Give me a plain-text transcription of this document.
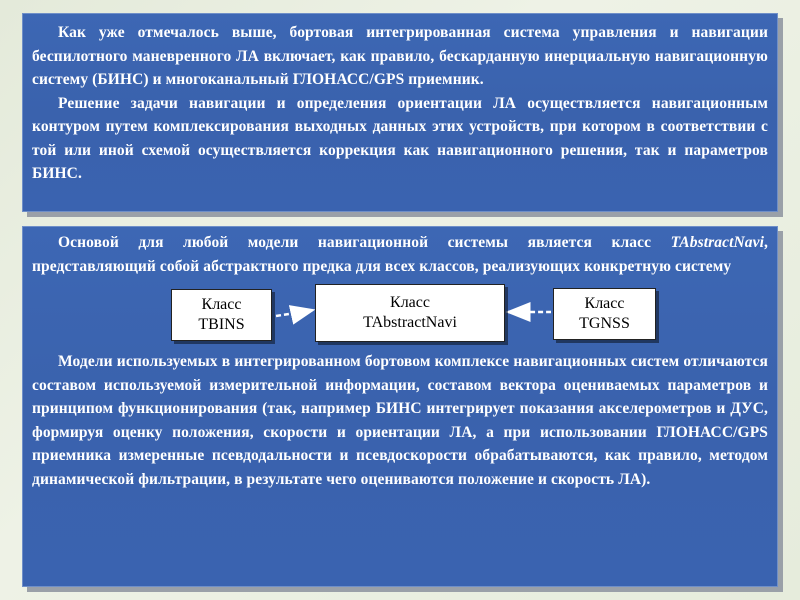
Как уже отмечалось выше, бортовая интегрированная система управления и навигации беспилотного маневренного ЛА включает, как правило, бескарданную инерциальную навигационную систему (БИНС) и многоканальный ГЛОНАСС/GPS приемник.

Решение задачи навигации и определения ориентации ЛА осуществляется навигационным контуром путем комплексирования выходных данных этих устройств, при котором в соответствии с той или иной схемой осуществляется коррекция как навигационного решения, так и параметров БИНС.

Основой для любой модели навигационной системы является класс TAbstractNavi, представляющий собой абстрактного предка для всех классов, реализующих конкретную систему

Класс
TBINS
Класс
TAbstractNavi
Класс
TGNSS

Модели используемых в интегрированном бортовом комплексе навигационных систем отличаются составом используемой измерительной информации, составом вектора оцениваемых параметров и принципом функционирования (так, например БИНС интегрирует показания акселерометров и ДУС, формируя оценку положения, скорости и ориентации ЛА, а при использовании ГЛОНАСС/GPS приемника измеренные псевдодальности и псевдоскорости обрабатываются, как правило, методом динамической фильтрации, в результате чего оцениваются положение и скорость ЛА).
